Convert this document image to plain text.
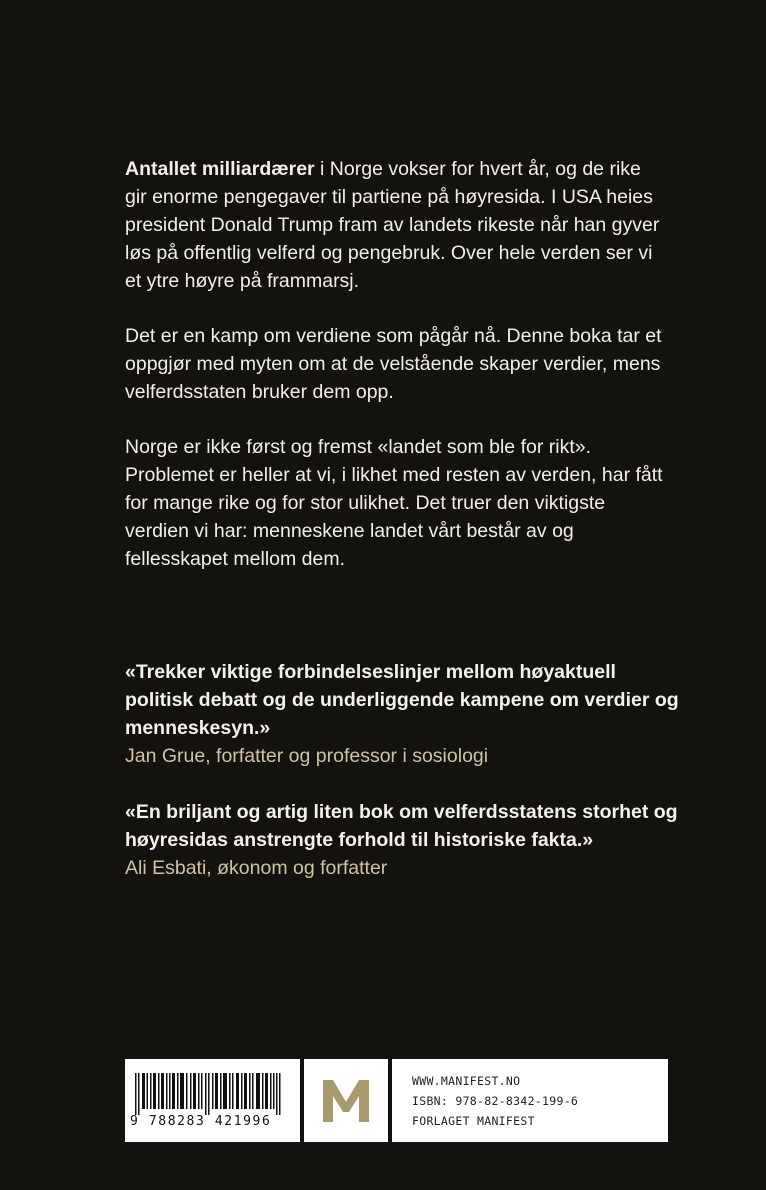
Antallet milliardærer i Norge vokser for hvert år, og de rike gir enorme pengegaver til partiene på høyresida. I USA heies president Donald Trump fram av landets rikeste når han gyver løs på offentlig velferd og pengebruk. Over hele verden ser vi et ytre høyre på frammarsj.

Det er en kamp om verdiene som pågår nå. Denne boka tar et oppgjør med myten om at de velstående skaper verdier, mens velferdsstaten bruker dem opp.

Norge er ikke først og fremst «landet som ble for rikt». Problemet er heller at vi, i likhet med resten av verden, har fått for mange rike og for stor ulikhet. Det truer den viktigste verdien vi har: menneskene landet vårt består av og fellesskapet mellom dem.

«Trekker viktige forbindelseslinjer mellom høyaktuell politisk debatt og de underliggende kampene om verdier og menneskesyn.»
Jan Grue, forfatter og professor i sosiologi
«En briljant og artig liten bok om velferdsstatens storhet og høyresidas anstrengte forhold til historiske fakta.»
Ali Esbati, økonom og forfatter
9 788283 421996
WWW.MANIFEST.NO
ISBN: 978-82-8342-199-6
FORLAGET MANIFEST
